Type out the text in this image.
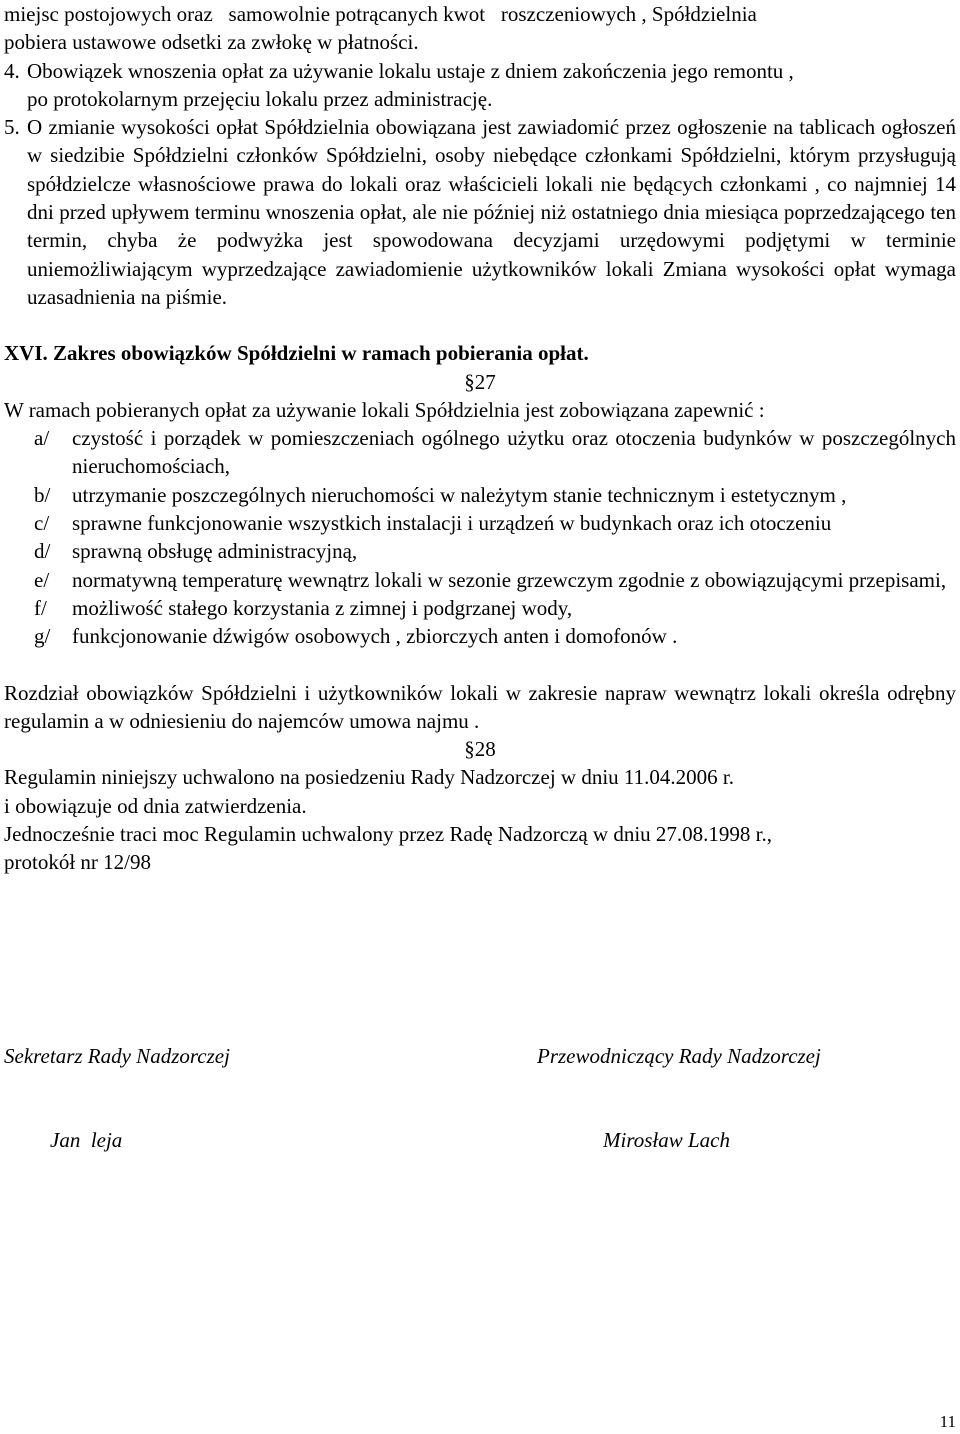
miejsc postojowych oraz   samowolnie potrącanych kwot   roszczeniowych , Spółdzielnia

pobiera ustawowe odsetki za zwłokę w płatności.

4. Obowiązek wnoszenia opłat za używanie lokalu ustaje z dniem zakończenia jego remontu ,

po protokolarnym przejęciu lokalu przez administrację.

5. O zmianie wysokości opłat Spółdzielnia obowiązana jest zawiadomić przez ogłoszenie na tablicach ogłoszeń w siedzibie Spółdzielni członków Spółdzielni, osoby niebędące członkami Spółdzielni, którym przysługują spółdzielcze własnościowe prawa do lokali oraz właścicieli lokali nie będących członkami , co najmniej 14 dni przed upływem terminu wnoszenia opłat, ale nie później niż ostatniego dnia miesiąca poprzedzającego ten termin, chyba że podwyżka jest spowodowana decyzjami urzędowymi podjętymi w terminie uniemożliwiającym wyprzedzające zawiadomienie użytkowników lokali Zmiana wysokości opłat wymaga uzasadnienia na piśmie.

XVI. Zakres obowiązków Spółdzielni w ramach pobierania opłat.

§27

W ramach pobieranych opłat za używanie lokali Spółdzielnia jest zobowiązana zapewnić :

a/	czystość i porządek w pomieszczeniach ogólnego użytku oraz otoczenia budynków w poszczególnych nieruchomościach,
b/	utrzymanie poszczególnych nieruchomości w należytym stanie technicznym i estetycznym ,
c/	sprawne funkcjonowanie wszystkich instalacji i urządzeń w budynkach oraz ich otoczeniu
d/	sprawną obsługę administracyjną,
e/	normatywną temperaturę wewnątrz lokali w sezonie grzewczym zgodnie z obowiązującymi przepisami,
f/	możliwość stałego korzystania z zimnej i podgrzanej wody,
g/	funkcjonowanie dźwigów osobowych , zbiorczych anten i domofonów .

Rozdział obowiązków Spółdzielni i użytkowników lokali w zakresie napraw wewnątrz lokali określa odrębny regulamin a w odniesieniu do najemców umowa najmu .

§28

Regulamin niniejszy uchwalono na posiedzeniu Rady Nadzorczej w dniu 11.04.2006 r.

i obowiązuje od dnia zatwierdzenia.

Jednocześnie traci moc Regulamin uchwalony przez Radę Nadzorczą w dniu 27.08.1998 r.,

protokół nr 12/98

Sekretarz Rady Nadzorczej	Przewodniczący Rady Nadzorczej
Jan  leja	Mirosław Lach
11
